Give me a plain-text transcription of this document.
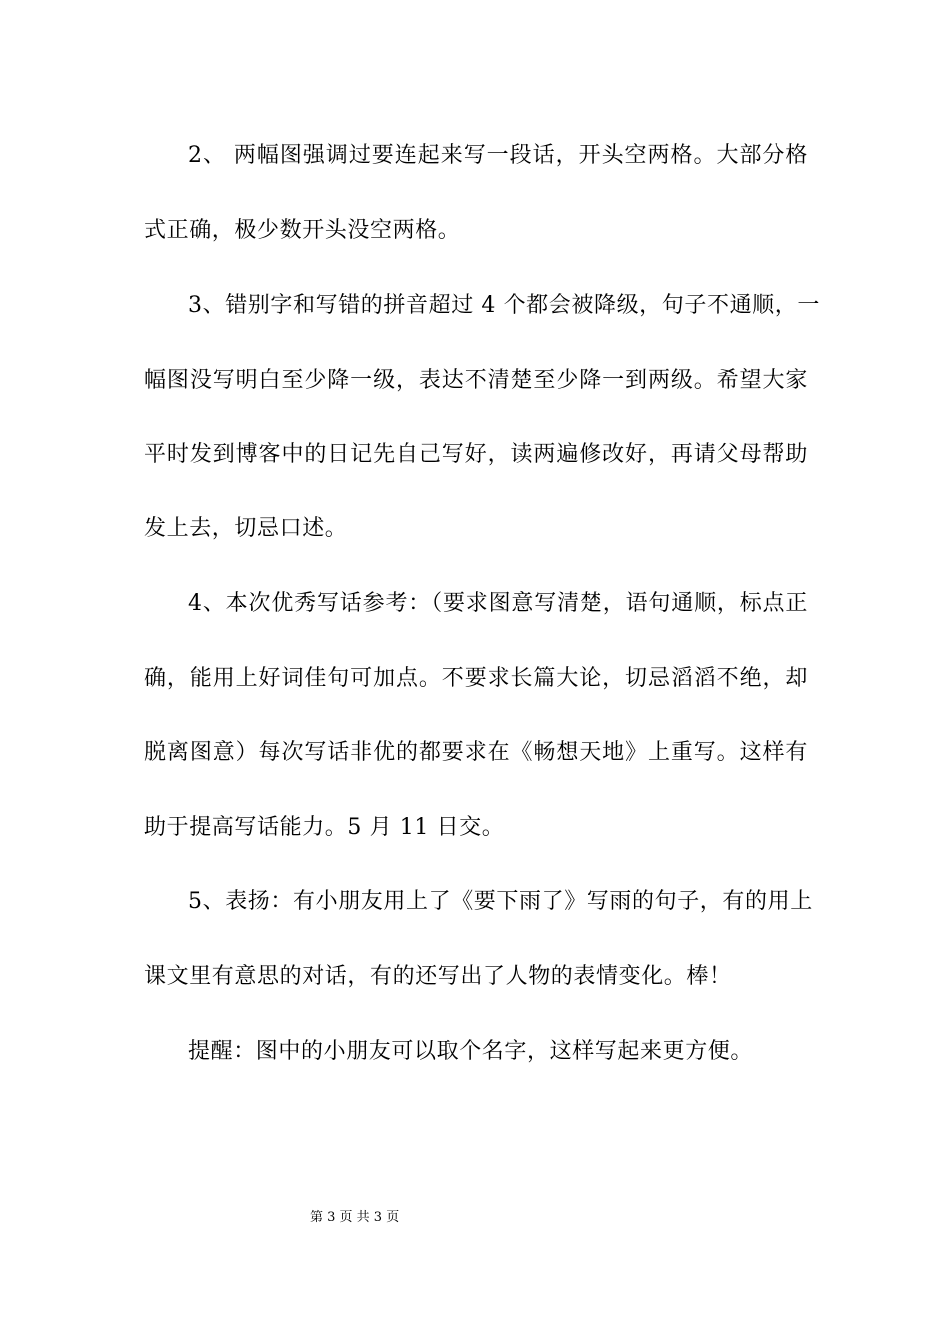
2、 两幅图强调过要连起来写一段话，开头空两格。大部分格
式正确，极少数开头没空两格。
3、错别字和写错的拼音超过 4 个都会被降级，句子不通顺，一
幅图没写明白至少降一级，表达不清楚至少降一到两级。希望大家
平时发到博客中的日记先自己写好，读两遍修改好，再请父母帮助
发上去，切忌口述。
4、本次优秀写话参考：（要求图意写清楚，语句通顺，标点正
确，能用上好词佳句可加点。不要求长篇大论，切忌滔滔不绝，却
脱离图意）每次写话非优的都要求在《畅想天地》上重写。这样有
助于提高写话能力。5 月 11 日交。
5、表扬：有小朋友用上了《要下雨了》写雨的句子，有的用上
课文里有意思的对话，有的还写出了人物的表情变化。棒！
提醒：图中的小朋友可以取个名字，这样写起来更方便。
第 3 页 共 3 页
